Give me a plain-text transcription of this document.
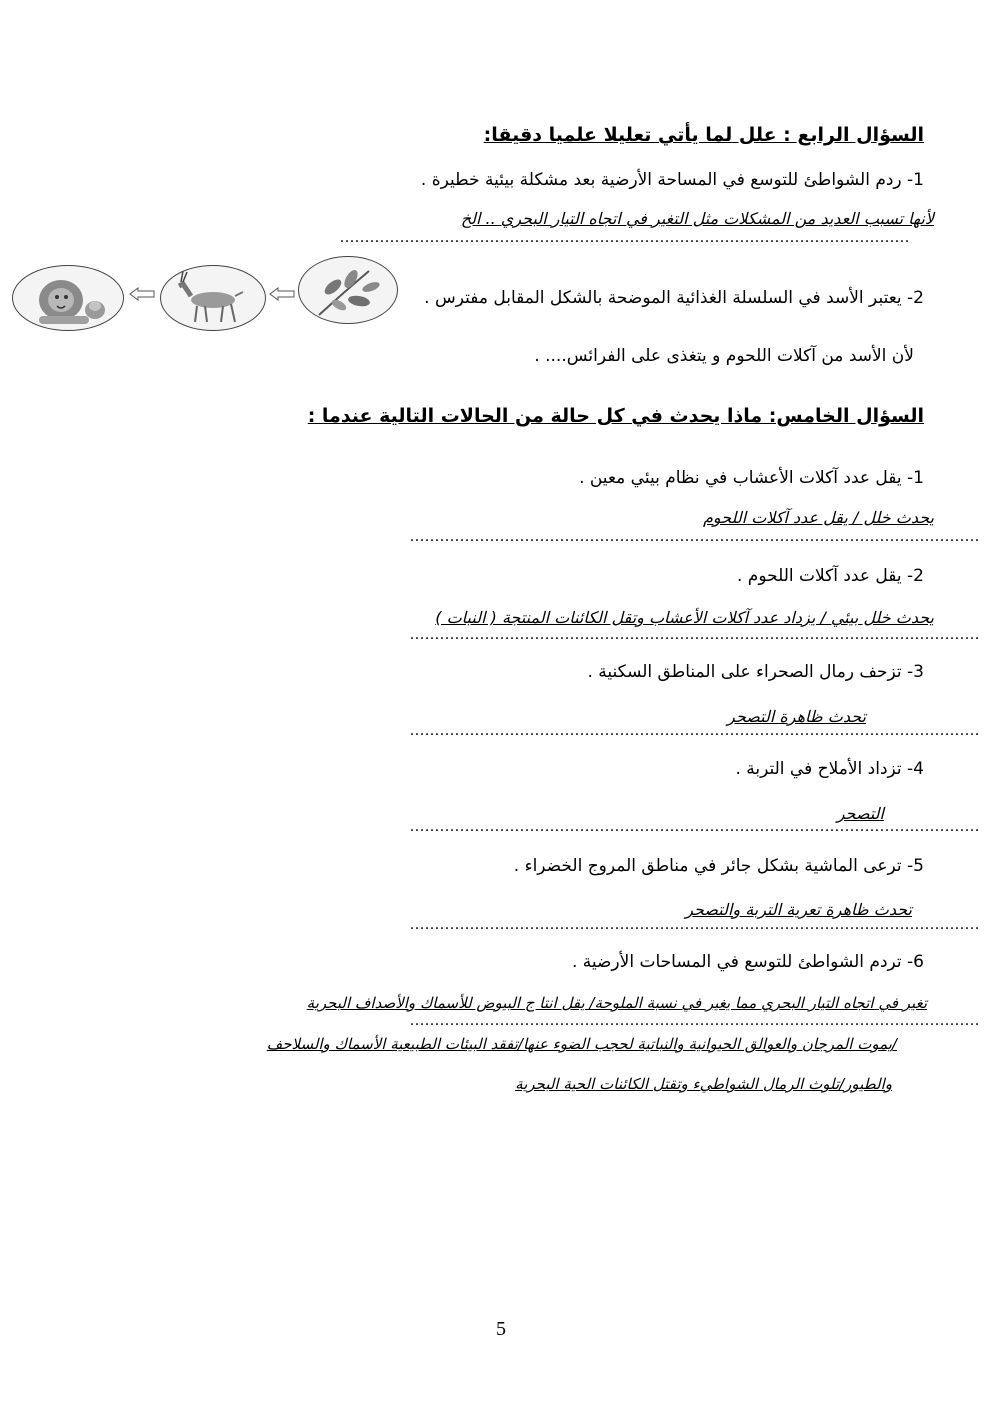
السؤال الرابع : علل لما يأتي تعليلا علميا دقيقا:
1- ردم الشواطئ للتوسع في المساحة الأرضية بعد مشكلة بيئية خطيرة .
لأنها تسبب العديد من المشكلات مثل التغير في اتجاه التيار البحري .. الخ
..................................................................................................................
2- يعتبر الأسد في السلسلة الغذائية الموضحة بالشكل المقابل مفترس .
لأن الأسد من آكلات اللحوم و يتغذى على الفرائس.... .
السؤال الخامس: ماذا يحدث في كل حالة من الحالات التالية عندما :
1- يقل عدد آكلات الأعشاب في نظام بيئي معين .
يحدث خلل / يقل عدد آكلات اللحوم
..................................................................................................................
2- يقل عدد آكلات اللحوم .
يحدث خلل بيئي / يزداد عدد آكلات الأعشاب وتقل الكائنات المنتجة ( النبات )
..................................................................................................................
3- تزحف رمال الصحراء على المناطق السكنية .
تحدث ظاهرة التصحر
..................................................................................................................
4- تزداد الأملاح في التربة .
التصحر
..................................................................................................................
5- ترعى الماشية بشكل جائر في مناطق المروج الخضراء .
تحدث ظاهرة تعرية التربة والتصحر
..................................................................................................................
6- تردم الشواطئ للتوسع في المساحات الأرضية .
..................................................................................................................
تغير في اتجاه التيار البحري مما يغير في نسبة الملوحة/ يقل انتا ج البيوض للأسماك والأصداف البحرية
/يموت المرجان والعوالق الحيوانية والنباتية لحجب الضوء عنها/تفقد البيئات الطبيعية الأسماك والسلاحف
والطيور/تلوث الرمال الشواطيء وتقتل الكائنات الحية البحرية
5
